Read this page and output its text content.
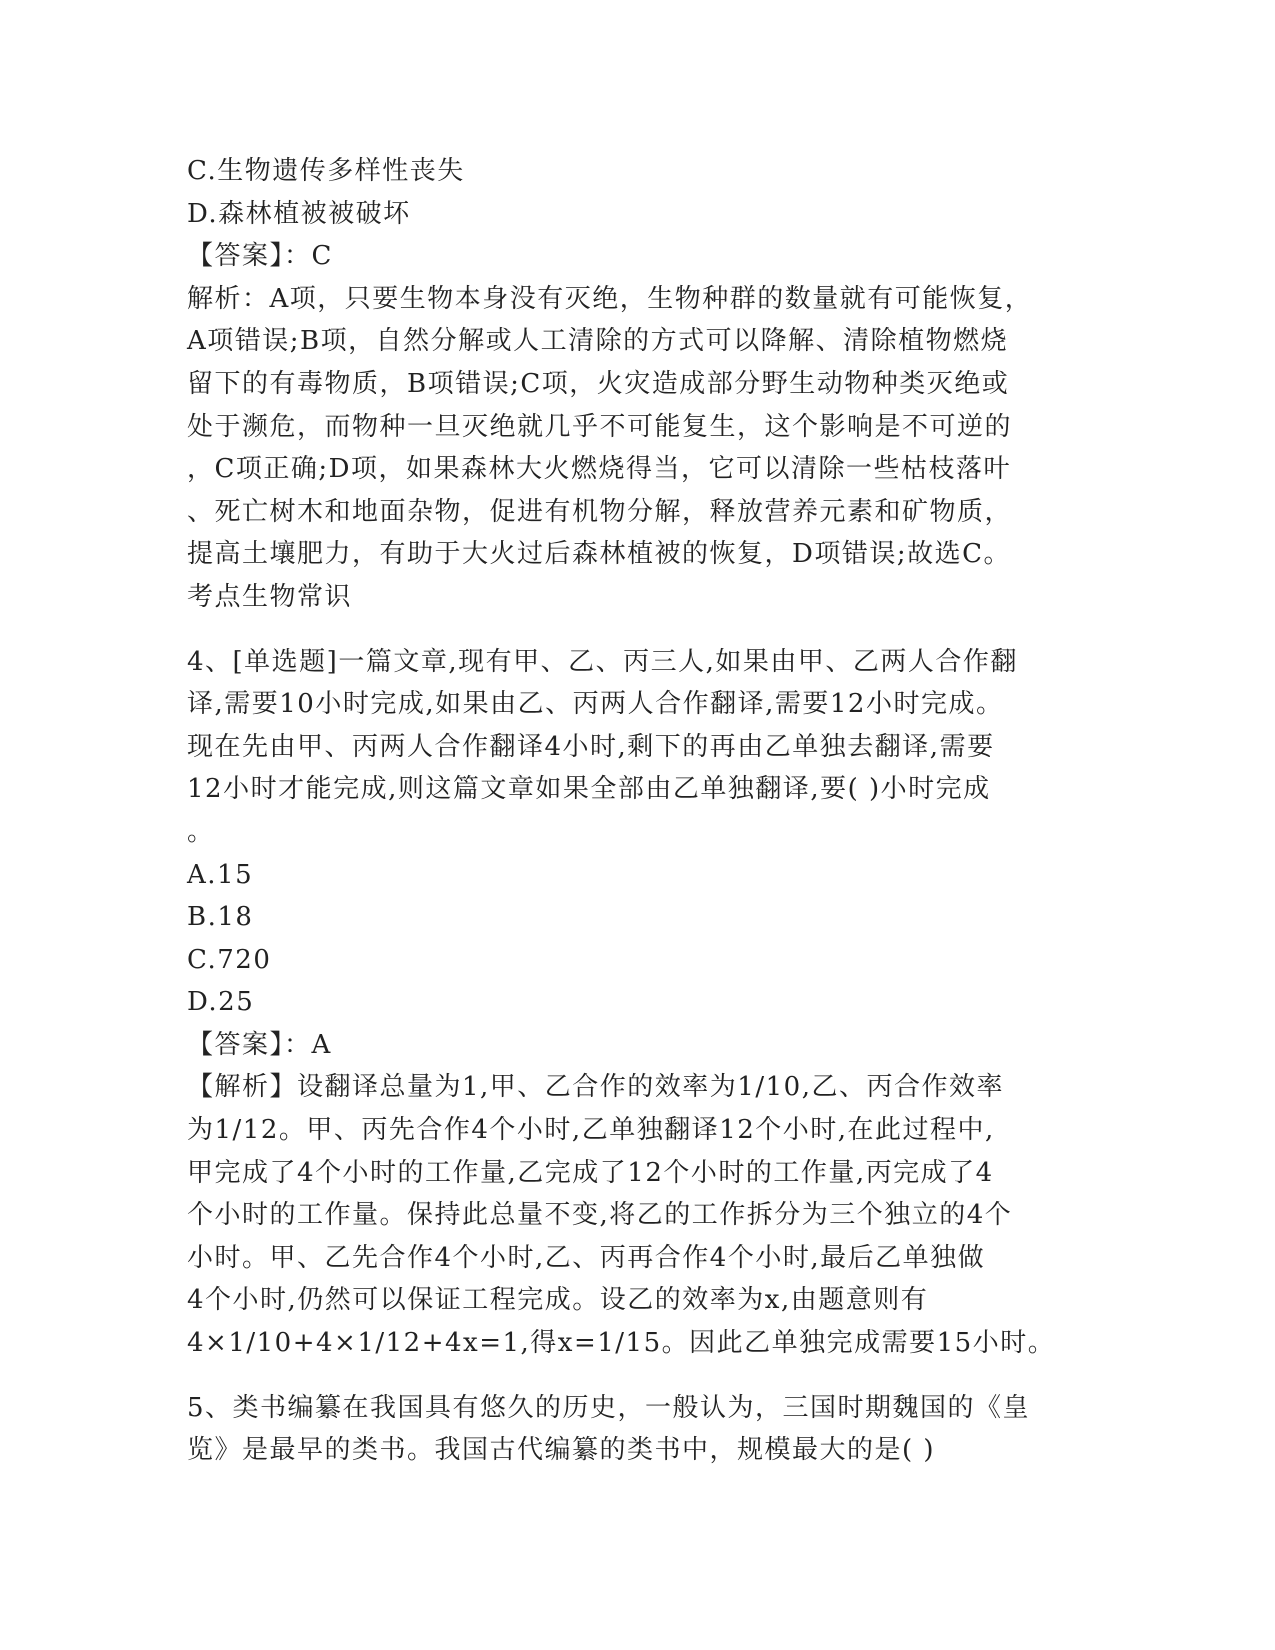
C.生物遗传多样性丧失
D.森林植被被破坏
【答案】：C
解析：A项，只要生物本身没有灭绝，生物种群的数量就有可能恢复，
A项错误;B项，自然分解或人工清除的方式可以降解、清除植物燃烧
留下的有毒物质，B项错误;C项，火灾造成部分野生动物种类灭绝或
处于濒危，而物种一旦灭绝就几乎不可能复生，这个影响是不可逆的
，C项正确;D项，如果森林大火燃烧得当，它可以清除一些枯枝落叶
、死亡树木和地面杂物，促进有机物分解，释放营养元素和矿物质，
提高土壤肥力，有助于大火过后森林植被的恢复，D项错误;故选C。
考点生物常识
4、[单选题]一篇文章,现有甲、乙、丙三人,如果由甲、乙两人合作翻
译,需要10小时完成,如果由乙、丙两人合作翻译,需要12小时完成。
现在先由甲、丙两人合作翻译4小时,剩下的再由乙单独去翻译,需要
12小时才能完成,则这篇文章如果全部由乙单独翻译,要( )小时完成
。
A.15
B.18
C.720
D.25
【答案】：A
【解析】设翻译总量为1,甲、乙合作的效率为1/10,乙、丙合作效率
为1/12。甲、丙先合作4个小时,乙单独翻译12个小时,在此过程中,
甲完成了4个小时的工作量,乙完成了12个小时的工作量,丙完成了4
个小时的工作量。保持此总量不变,将乙的工作拆分为三个独立的4个
小时。甲、乙先合作4个小时,乙、丙再合作4个小时,最后乙单独做
4个小时,仍然可以保证工程完成。设乙的效率为x,由题意则有
4×1/10+4×1/12+4x=1,得x=1/15。因此乙单独完成需要15小时。
5、类书编纂在我国具有悠久的历史，一般认为，三国时期魏国的《皇
览》是最早的类书。我国古代编纂的类书中，规模最大的是( )
